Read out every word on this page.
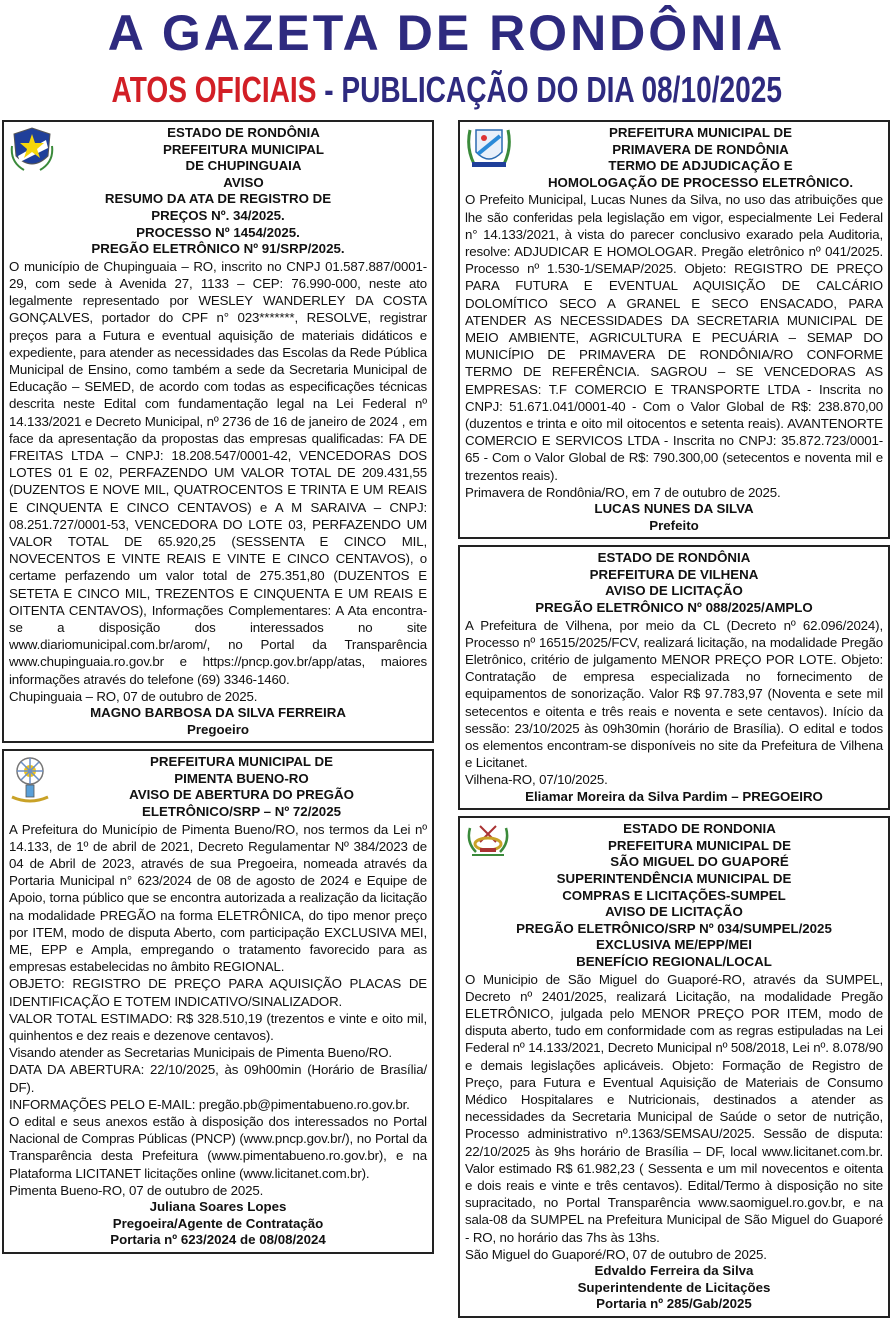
A GAZETA DE RONDÔNIA
ATOS OFICIAIS - PUBLICAÇÃO DO DIA 08/10/2025
ESTADO DE RONDÔNIA
PREFEITURA MUNICIPAL
DE CHUPINGUAIA
AVISO
RESUMO DA ATA DE REGISTRO DE
PREÇOS Nº. 34/2025.
PROCESSO Nº 1454/2025.
PREGÃO ELETRÔNICO Nº 91/SRP/2025.
O município de Chupinguaia – RO, inscrito no CNPJ 01.587.887/0001-29, com sede à Avenida 27, 1133 – CEP: 76.990-000, neste ato legalmente representado por WESLEY WANDERLEY DA COSTA GONÇALVES, portador do CPF n° 023*******, RESOLVE, registrar preços para a Futura e eventual aquisição de materiais didáticos e expediente, para atender as necessidades das Escolas da Rede Pública Municipal de Ensino, como também a sede da Secretaria Municipal de Educação – SEMED, de acordo com todas as especificações técnicas descrita neste Edital com fundamentação legal na Lei Federal nº 14.133/2021 e Decreto Municipal, nº 2736 de 16 de janeiro de 2024 , em face da apresentação da propostas das empresas qualificadas: FA DE FREITAS LTDA – CNPJ: 18.208.547/0001-42, VENCEDORAS DOS LOTES 01 E 02, PERFAZENDO UM VALOR TOTAL DE 209.431,55 (DUZENTOS E NOVE MIL, QUATROCENTOS E TRINTA E UM REAIS E CINQUENTA E CINCO CENTAVOS) e A M SARAIVA – CNPJ: 08.251.727/0001-53, VENCEDORA DO LOTE 03, PERFAZENDO UM VALOR TOTAL DE 65.920,25 (SESSENTA E CINCO MIL, NOVECENTOS E VINTE REAIS E VINTE E CINCO CENTAVOS), o certame perfazendo um valor total de 275.351,80 (DUZENTOS E SETETA E CINCO MIL, TREZENTOS E CINQUENTA E UM REAIS E OITENTA CENTAVOS), Informações Complementares: A Ata encontra-se a disposição dos interessados no site www.diariomunicipal.com.br/arom/, no Portal da Transparência www.chupinguaia.ro.gov.br e https://pncp.gov.br/app/atas, maiores informações através do telefone (69) 3346-1460.
Chupinguaia – RO, 07 de outubro de 2025.
MAGNO BARBOSA DA SILVA FERREIRA
Pregoeiro
PREFEITURA MUNICIPAL DE
PIMENTA BUENO-RO
AVISO DE ABERTURA DO PREGÃO
ELETRÔNICO/SRP – Nº 72/2025
A Prefeitura do Município de Pimenta Bueno/RO, nos termos da Lei nº 14.133, de 1º de abril de 2021, Decreto Regulamentar Nº 384/2023 de 04 de Abril de 2023, através de sua Pregoeira, nomeada através da Portaria Municipal n° 623/2024 de 08 de agosto de 2024 e Equipe de Apoio, torna público que se encontra autorizada a realização da licitação na modalidade PREGÃO na forma ELETRÔNICA, do tipo menor preço por ITEM, modo de disputa Aberto, com participação EXCLUSIVA MEI, ME, EPP e Ampla, empregando o tratamento favorecido para as empresas estabelecidas no âmbito REGIONAL.
OBJETO: REGISTRO DE PREÇO PARA AQUISIÇÃO PLACAS DE IDENTIFICAÇÃO E TOTEM INDICATIVO/SINALIZADOR.
VALOR TOTAL ESTIMADO: R$ 328.510,19 (trezentos e vinte e oito mil, quinhentos e dez reais e dezenove centavos).
Visando atender as Secretarias Municipais de Pimenta Bueno/RO.
DATA DA ABERTURA: 22/10/2025, às 09h00min (Horário de Brasília/ DF).
INFORMAÇÕES PELO E-MAIL: pregão.pb@pimentabueno.ro.gov.br.
O edital e seus anexos estão à disposição dos interessados no Portal Nacional de Compras Públicas (PNCP) (www.pncp.gov.br/), no Portal da Transparência desta Prefeitura (www.pimentabueno.ro.gov.br), e na Plataforma LICITANET licitações online (www.licitanet.com.br).
Pimenta Bueno-RO, 07 de outubro de 2025.
Juliana Soares Lopes
Pregoeira/Agente de Contratação
Portaria nº 623/2024 de 08/08/2024
PREFEITURA MUNICIPAL DE
PRIMAVERA DE RONDÔNIA
TERMO DE ADJUDICAÇÃO E
HOMOLOGAÇÃO DE PROCESSO ELETRÔNICO.
O Prefeito Municipal, Lucas Nunes da Silva, no uso das atribuições que lhe são conferidas pela legislação em vigor, especialmente Lei Federal n° 14.133/2021, à vista do parecer conclusivo exarado pela Auditoria, resolve: ADJUDICAR E HOMOLOGAR. Pregão eletrônico nº 041/2025. Processo nº 1.530-1/SEMAP/2025. Objeto: REGISTRO DE PREÇO PARA FUTURA E EVENTUAL AQUISIÇÃO DE CALCÁRIO DOLOMÍTICO SECO A GRANEL E SECO ENSACADO, PARA ATENDER AS NECESSIDADES DA SECRETARIA MUNICIPAL DE MEIO AMBIENTE, AGRICULTURA E PECUÁRIA – SEMAP DO MUNICÍPIO DE PRIMAVERA DE RONDÔNIA/RO CONFORME TERMO DE REFERÊNCIA. SAGROU – SE VENCEDORAS AS EMPRESAS: T.F COMERCIO E TRANSPORTE LTDA - Inscrita no CNPJ: 51.671.041/0001-40 - Com o Valor Global de R$: 238.870,00 (duzentos e trinta e oito mil oitocentos e setenta reais). AVANTENORTE COMERCIO E SERVICOS LTDA - Inscrita no CNPJ: 35.872.723/0001-65 - Com o Valor Global de R$: 790.300,00 (setecentos e noventa mil e trezentos reais).
Primavera de Rondônia/RO, em 7 de outubro de 2025.
LUCAS NUNES DA SILVA
Prefeito
ESTADO DE RONDÔNIA
PREFEITURA DE VILHENA
AVISO DE LICITAÇÃO
PREGÃO ELETRÔNICO Nº 088/2025/AMPLO
A Prefeitura de Vilhena, por meio da CL (Decreto nº 62.096/2024), Processo nº 16515/2025/FCV, realizará licitação, na modalidade Pregão Eletrônico, critério de julgamento MENOR PREÇO POR LOTE. Objeto: Contratação de empresa especializada no fornecimento de equipamentos de sonorização. Valor R$ 97.783,97 (Noventa e sete mil setecentos e oitenta e três reais e noventa e sete centavos). Início da sessão: 23/10/2025 às 09h30min (horário de Brasília). O edital e todos os elementos encontram-se disponíveis no site da Prefeitura de Vilhena e Licitanet.
Vilhena-RO, 07/10/2025.
Eliamar Moreira da Silva Pardim – PREGOEIRO
ESTADO DE RONDONIA
PREFEITURA MUNICIPAL DE
SÃO MIGUEL DO GUAPORÉ
SUPERINTENDÊNCIA MUNICIPAL DE
COMPRAS E LICITAÇÕES-SUMPEL
AVISO DE LICITAÇÃO
PREGÃO ELETRÔNICO/SRP Nº 034/SUMPEL/2025
EXCLUSIVA ME/EPP/MEI
BENEFÍCIO REGIONAL/LOCAL
O Municipio de São Miguel do Guaporé-RO, através da SUMPEL, Decreto nº 2401/2025, realizará Licitação, na modalidade Pregão ELETRÔNICO, julgada pelo MENOR PREÇO POR ITEM, modo de disputa aberto, tudo em conformidade com as regras estipuladas na Lei Federal nº 14.133/2021, Decreto Municipal nº 508/2018, Lei nº. 8.078/90 e demais legislações aplicáveis. Objeto: Formação de Registro de Preço, para Futura e Eventual Aquisição de Materiais de Consumo Médico Hospitalares e Nutricionais, destinados a atender as necessidades da Secretaria Municipal de Saúde o setor de nutrição, Processo administrativo nº.1363/SEMSAU/2025. Sessão de disputa: 22/10/2025 às 9hs horário de Brasília – DF, local www.licitanet.com.br. Valor estimado R$ 61.982,23 ( Sessenta e um mil novecentos e oitenta e dois reais e vinte e três centavos). Edital/Termo à disposição no site supracitado, no Portal Transparência www.saomiguel.ro.gov.br, e na sala-08 da SUMPEL na Prefeitura Municipal de São Miguel do Guaporé - RO, no horário das 7hs às 13hs.
São Miguel do Guaporé/RO, 07 de outubro de 2025.
Edvaldo Ferreira da Silva
Superintendente de Licitações
Portaria nº 285/Gab/2025
